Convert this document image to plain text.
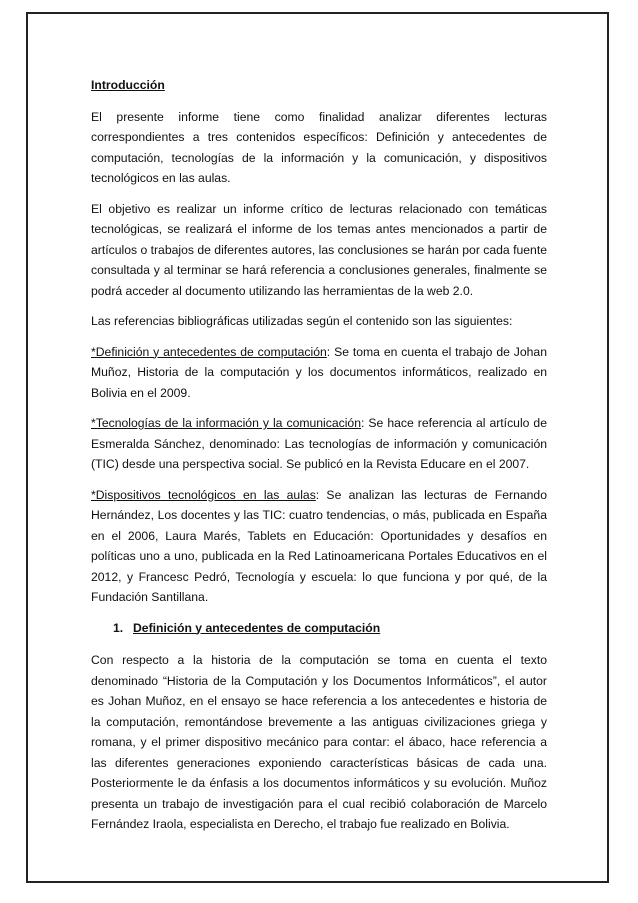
Introducción

El presente informe tiene como finalidad analizar diferentes lecturas correspondientes a tres contenidos específicos: Definición y antecedentes de computación, tecnologías de la información y la comunicación, y dispositivos tecnológicos en las aulas.

El objetivo es realizar un informe crítico de lecturas relacionado con temáticas tecnológicas, se realizará el informe de los temas antes mencionados a partir de artículos o trabajos de diferentes autores, las conclusiones se harán por cada fuente consultada y al terminar se hará referencia a conclusiones generales, finalmente se podrá acceder al documento utilizando las herramientas de la web 2.0.

Las referencias bibliográficas utilizadas según el contenido son las siguientes:

*Definición y antecedentes de computación: Se toma en cuenta el trabajo de Johan Muñoz, Historia de la computación y los documentos informáticos, realizado en Bolivia en el 2009.

*Tecnologías de la información y la comunicación: Se hace referencia al artículo de Esmeralda Sánchez, denominado: Las tecnologías de información y comunicación (TIC) desde una perspectiva social. Se publicó en la Revista Educare en el 2007.

*Dispositivos tecnológicos en las aulas: Se analizan las lecturas de Fernando Hernández, Los docentes y las TIC: cuatro tendencias, o más, publicada en España en el 2006, Laura Marés, Tablets en Educación: Oportunidades y desafíos en políticas uno a uno, publicada en la Red Latinoamericana Portales Educativos en el 2012, y Francesc Pedró, Tecnología y escuela: lo que funciona y por qué, de la Fundación Santillana.

1. Definición y antecedentes de computación

Con respecto a la historia de la computación se toma en cuenta el texto denominado “Historia de la Computación y los Documentos Informáticos”, el autor es Johan Muñoz, en el ensayo se hace referencia a los antecedentes e historia de la computación, remontándose brevemente a las antiguas civilizaciones griega y romana, y el primer dispositivo mecánico para contar: el ábaco, hace referencia a las diferentes generaciones exponiendo características básicas de cada una. Posteriormente le da énfasis a los documentos informáticos y su evolución. Muñoz presenta un trabajo de investigación para el cual recibió colaboración de Marcelo Fernández Iraola, especialista en Derecho, el trabajo fue realizado en Bolivia.
